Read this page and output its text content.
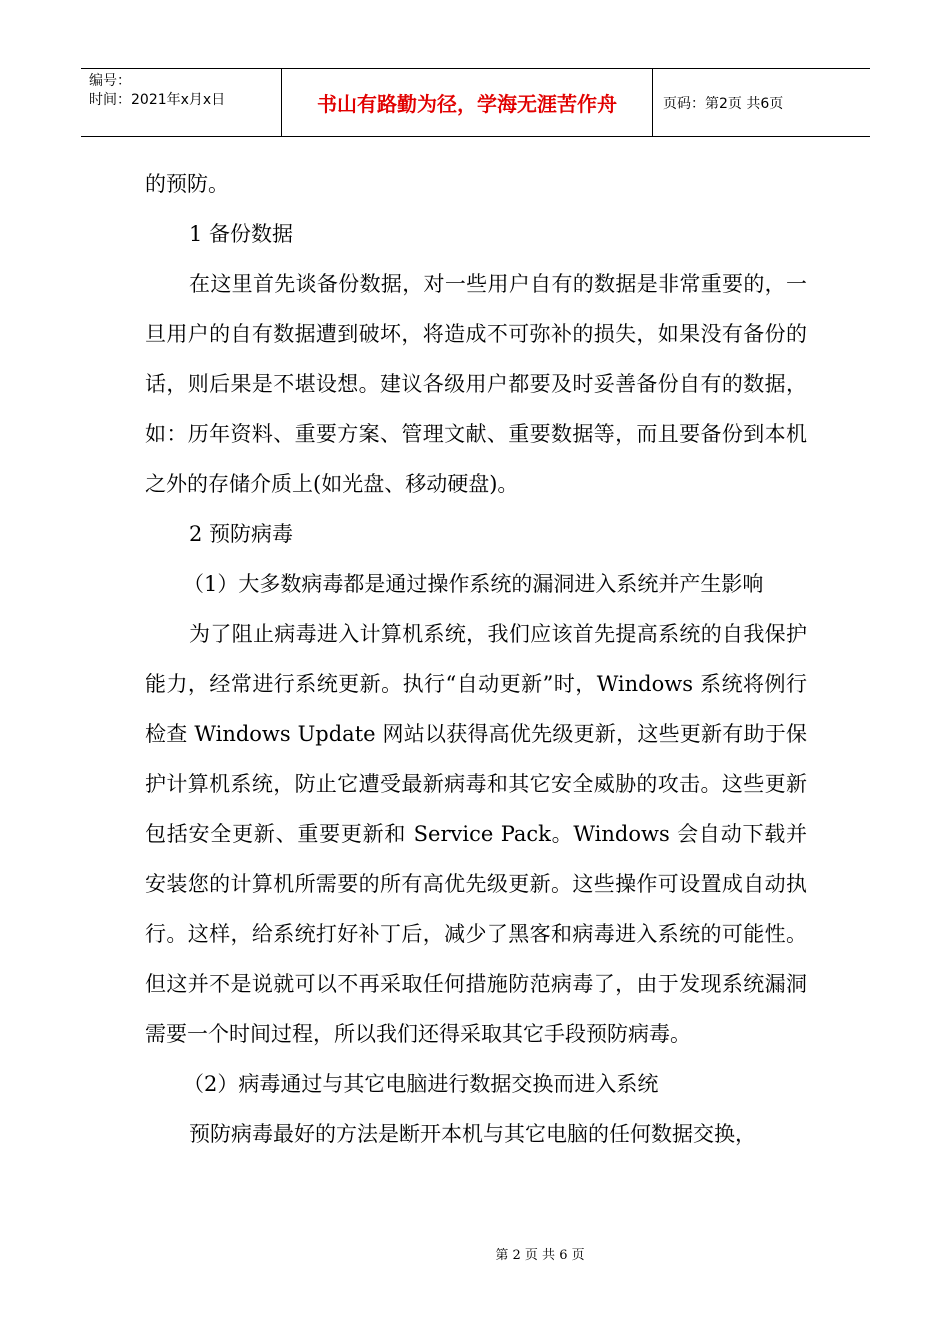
编号：
时间：2021年x月x日	书山有路勤为径，学海无涯苦作舟	页码：第2页 共6页

的预防。

1 备份数据

在这里首先谈备份数据，对一些用户自有的数据是非常重要的，一旦用户的自有数据遭到破坏，将造成不可弥补的损失，如果没有备份的话，则后果是不堪设想。建议各级用户都要及时妥善备份自有的数据，如：历年资料、重要方案、管理文献、重要数据等，而且要备份到本机之外的存储介质上(如光盘、移动硬盘)。

2 预防病毒

（1）大多数病毒都是通过操作系统的漏洞进入系统并产生影响

为了阻止病毒进入计算机系统，我们应该首先提高系统的自我保护能力，经常进行系统更新。执行“自动更新”时，Windows 系统将例行检查 Windows Update 网站以获得高优先级更新，这些更新有助于保护计算机系统，防止它遭受最新病毒和其它安全威胁的攻击。这些更新包括安全更新、重要更新和 Service Pack。Windows 会自动下载并安装您的计算机所需要的所有高优先级更新。这些操作可设置成自动执行。这样，给系统打好补丁后，减少了黑客和病毒进入系统的可能性。但这并不是说就可以不再采取任何措施防范病毒了，由于发现系统漏洞需要一个时间过程，所以我们还得采取其它手段预防病毒。

（2）病毒通过与其它电脑进行数据交换而进入系统

预防病毒最好的方法是断开本机与其它电脑的任何数据交换，

第 2 页 共 6 页
